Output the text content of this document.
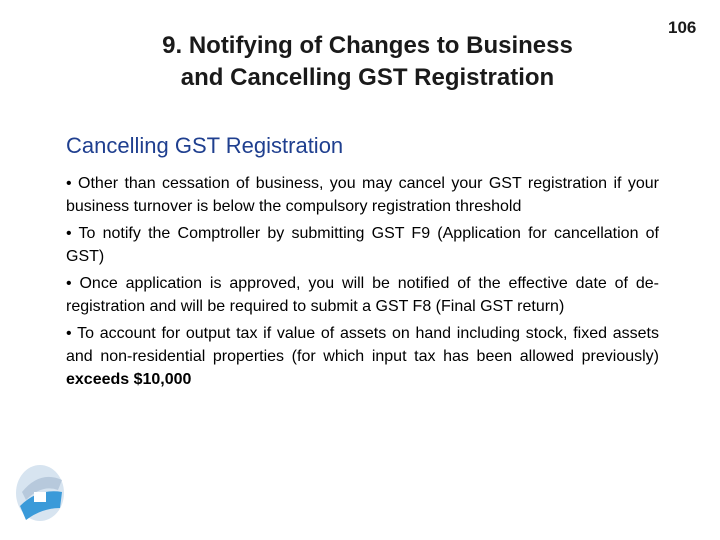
9. Notifying of Changes to Business
and Cancelling GST Registration
106
Cancelling GST Registration
• Other than cessation of business, you may cancel your GST registration if your business turnover is below the compulsory registration threshold
• To notify the Comptroller by submitting GST F9 (Application for cancellation of GST)
• Once application is approved, you will be notified of the effective date of de-registration and will be required to submit a GST F8 (Final GST return)
• To account for output tax if value of assets on hand including stock, fixed assets and non-residential properties (for which input tax has been allowed previously) exceeds $10,000
